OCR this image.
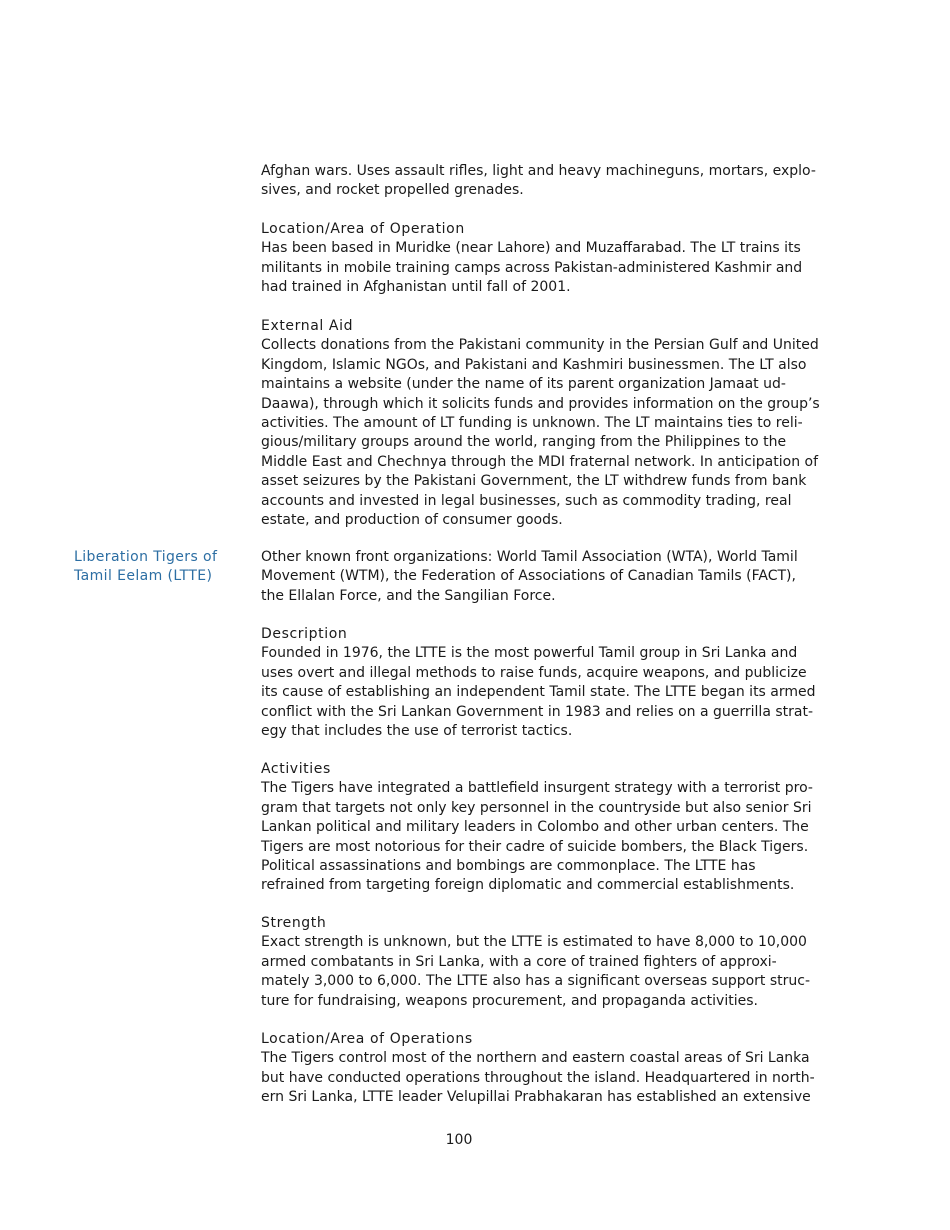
Afghan wars. Uses assault rifles, light and heavy machineguns, mortars, explo-
sives, and rocket propelled grenades.

Location/Area of Operation

Has been based in Muridke (near Lahore) and Muzaffarabad. The LT trains its
militants in mobile training camps across Pakistan-administered Kashmir and
had trained in Afghanistan until fall of 2001.

External Aid

Collects donations from the Pakistani community in the Persian Gulf and United
Kingdom, Islamic NGOs, and Pakistani and Kashmiri businessmen. The LT also
maintains a website (under the name of its parent organization Jamaat ud-
Daawa), through which it solicits funds and provides information on the group’s
activities. The amount of LT funding is unknown. The LT maintains ties to reli-
gious/military groups around the world, ranging from the Philippines to the
Middle East and Chechnya through the MDI fraternal network. In anticipation of
asset seizures by the Pakistani Government, the LT withdrew funds from bank
accounts and invested in legal businesses, such as commodity trading, real
estate, and production of consumer goods.

Liberation Tigers of
Tamil Eelam (LTTE)

Other known front organizations: World Tamil Association (WTA), World Tamil
Movement (WTM), the Federation of Associations of Canadian Tamils (FACT),
the Ellalan Force, and the Sangilian Force.

Description

Founded in 1976, the LTTE is the most powerful Tamil group in Sri Lanka and
uses overt and illegal methods to raise funds, acquire weapons, and publicize
its cause of establishing an independent Tamil state. The LTTE began its armed
conflict with the Sri Lankan Government in 1983 and relies on a guerrilla strat-
egy that includes the use of terrorist tactics.

Activities

The Tigers have integrated a battlefield insurgent strategy with a terrorist pro-
gram that targets not only key personnel in the countryside but also senior Sri
Lankan political and military leaders in Colombo and other urban centers. The
Tigers are most notorious for their cadre of suicide bombers, the Black Tigers.
Political assassinations and bombings are commonplace. The LTTE has
refrained from targeting foreign diplomatic and commercial establishments.

Strength

Exact strength is unknown, but the LTTE is estimated to have 8,000 to 10,000
armed combatants in Sri Lanka, with a core of trained fighters of approxi-
mately 3,000 to 6,000. The LTTE also has a significant overseas support struc-
ture for fundraising, weapons procurement, and propaganda activities.

Location/Area of Operations

The Tigers control most of the northern and eastern coastal areas of Sri Lanka
but have conducted operations throughout the island. Headquartered in north-
ern Sri Lanka, LTTE leader Velupillai Prabhakaran has established an extensive

100
